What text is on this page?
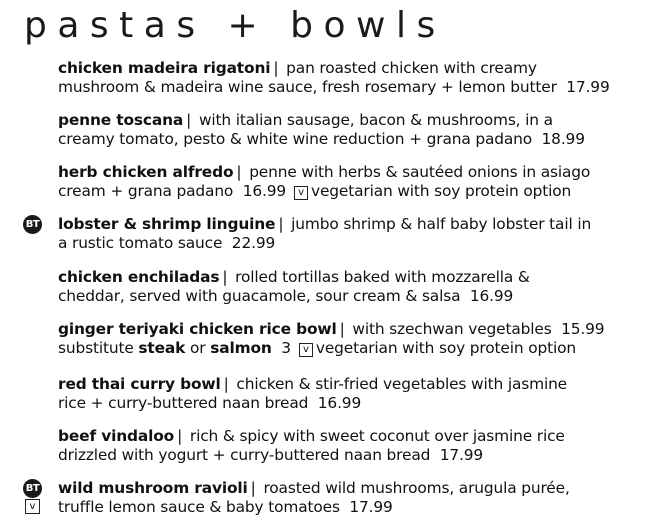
pastas + bowls
chicken madeira rigatoni | pan roasted chicken with creamy
mushroom & madeira wine sauce, fresh rosemary + lemon butter 17.99
penne toscana | with italian sausage, bacon & mushrooms, in a
creamy tomato, pesto & white wine reduction + grana padano 18.99
herb chicken alfredo | penne with herbs & sautéed onions in asiago
cream + grana padano 16.99 v vegetarian with soy protein option
BT lobster & shrimp linguine | jumbo shrimp & half baby lobster tail in
a rustic tomato sauce 22.99
chicken enchiladas | rolled tortillas baked with mozzarella &
cheddar, served with guacamole, sour cream & salsa 16.99
ginger teriyaki chicken rice bowl | with szechwan vegetables 15.99
substitute steak or salmon 3 v vegetarian with soy protein option
red thai curry bowl | chicken & stir-fried vegetables with jasmine
rice + curry-buttered naan bread 16.99
beef vindaloo | rich & spicy with sweet coconut over jasmine rice
drizzled with yogurt + curry-buttered naan bread 17.99
BT
v
wild mushroom ravioli | roasted wild mushrooms, arugula purée,
truffle lemon sauce & baby tomatoes 17.99
